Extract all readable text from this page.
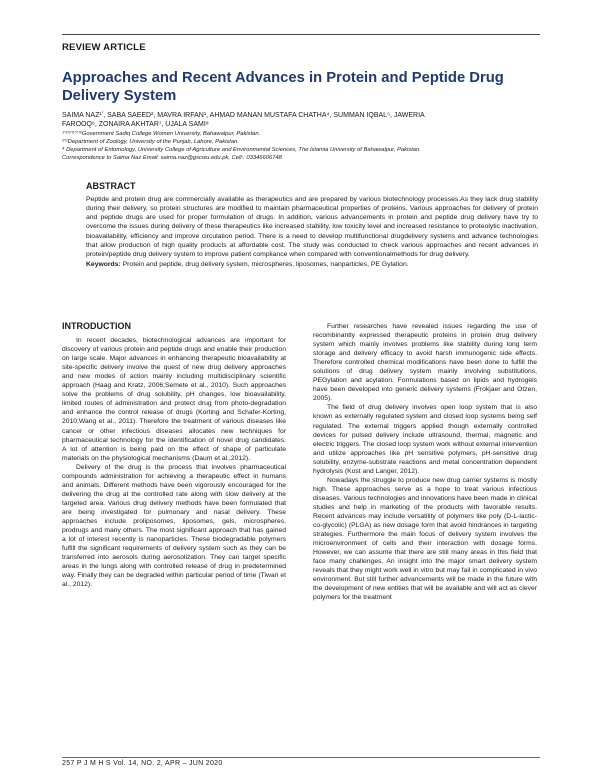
REVIEW ARTICLE
Approaches and Recent Advances in Protein and Peptide Drug Delivery System
SAIMA NAZ¹ʼ, SABA SAEED², MAVRA IRFAN¹, AHMAD MANAN MUSTAFA CHATHA⁴, SUMMAN IQBAL⁵, JAWERIA
FAROOQ⁶, ZONAIRA AKHTAR⁷, UJALA SAMI⁸
¹ʼ³ʼ⁵ʼ⁶ʼ⁷ʼ⁸Government Sadiq College Women University, Bahawalpur, Pakistan.
²ʼ⁵Department of Zoology, University of the Punjab, Lahore, Pakistan.
⁴ Department of Entomology, University College of Agriculture and Environmental Sciences, The Islamia University of Bahawalpur, Pakistan.
Correspondence to Saima Naz Email: saima.naz@gscwu.edu.pk, Cell:: 03346606748
ABSTRACT
Peptide and protein drug are commercially available as therapeutics and are prepared by various biotechnology processes.As they lack drug stability during their delivery, so protein structures are modified to maintain pharmaceutical properties of proteins. Various approaches for delivery of protein and peptide drugs are used for proper formulation of drugs. In addition, various advancements in protein and peptide drug delivery have try to overcome the issues during delivery of these therapeutics like increased stability, low toxicity level and increased resistance to proteolytic inactivation, bioavailability, efficiency and improve circulation period. There is a need to develop multifunctional drugdelivery systems and advance technologies that allow production of high quality products at affordable cost. The study was conducted to check various approaches and recent advances in protein/peptide drug delivery system to improve patient compliance when compared with conventionalmethods for drug delivery.
Keywords: Protein and peptide, drug delivery system, microspheres, liposomes, nanparticles, PE Gylation.
INTRODUCTION

In recent decades, biotechnological advances are important for discovery of various protein and peptide drugs and enable their production on large scale. Major advances in enhancing therapeutic bioavailability at site-specific delivery involve the quest of new drug delivery approaches and new modes of action mainly including multidisciplinary scientific approach (Haag and Kratz, 2006;Semete et al., 2010). Such approaches solve the problems of drug solubility, pH changes, low bioavailability, limited routes of administration and protect drug from photo-degradation and enhance the control release of drugs (Korting and Schafer-Korting, 2010;Wang et al., 2011). Therefore the treatment of various diseases like cancer or other infectious diseases allocates new techniques for pharmaceutical technology for the identification of novel drug candidates. A lot of attention is being paid on the effect of shape of particulate materials on the physiological mechanisms (Daum et al.,2012).

Delivery of the drug is the process that involves pharmaceutical compounds administration for achieving a therapeutic effect in humans and animals. Different methods have been vigorously encouraged for the delivering the drug at the controlled rate along with slow delivery at the targeted area. Various drug delivery methods have been formulated that are being investigated for pulmonary and nasal delivery. These approaches include proliposomes, liposomes, gels, microspheres, prodrugs and many others. The most significant approach that has gained a lot of interest recently is nanoparticles. These biodegradable polymers fulfill the significant requirements of delivery system such as they can be transferred into aerosols during aerosolization. They can target specific areas in the lungs along with controlled release of drug in predetermined way. Finally they can be degraded within particular period of time (Tiwari et al., 2012).

Further researches have revealed issues regarding the use of recombinantly expressed therapeutic proteins in protein drug delivery system which mainly involves problems like stability during long term storage and delivery efficacy to avoid harsh immunogenic side effects. Therefore controlled chemical modifications have been done to fulfill the solutions of drug delivery system mainly involving substitutions, PEGylation and acylation. Formulations based on lipids and hydrogels have been developed into generic delivery systems (Frokjaer and Otzen, 2005).

The field of drug delivery involves open loop system that is also known as externally regulated system and closed loop systems being self regulated. The external triggers applied though externally controlled devices for pulsed delivery include ultrasound, thermal, magnetic and electric triggers. The closed loop system work without external intervention and utilize approaches like pH sensitive polymers, pH-sensitive drug solubility, enzyme-substrate reactions and metal concentration dependent hydrolysis (Kost and Langer, 2012).

Nowadays the struggle to produce new drug carrier systems is mostly high. These approaches serve as a hope to treat various infectious diseases. Various technologies and innovations have been made in clinical studies and help in marketing of the products with favorable results. Recent advances may include versatility of polymers like poly (D-L-lactic-co-glycolic) (PLGA) as new dosage form that avoid hindrances in targeting strategies. Furthermore the main focus of delivery system involves the microenvironment of cells and their interaction with dosage forms. However, we can assume that there are still many areas in this field that face many challenges. An insight into the major smart delivery system reveals that they might work well in vitro but may fail in complicated in vivo environment. But still further advancements will be made in the future with the development of new entities that will be available and will act as clever polymers for the treatment

257 P J M H S Vol. 14, NO. 2, APR – JUN 2020
